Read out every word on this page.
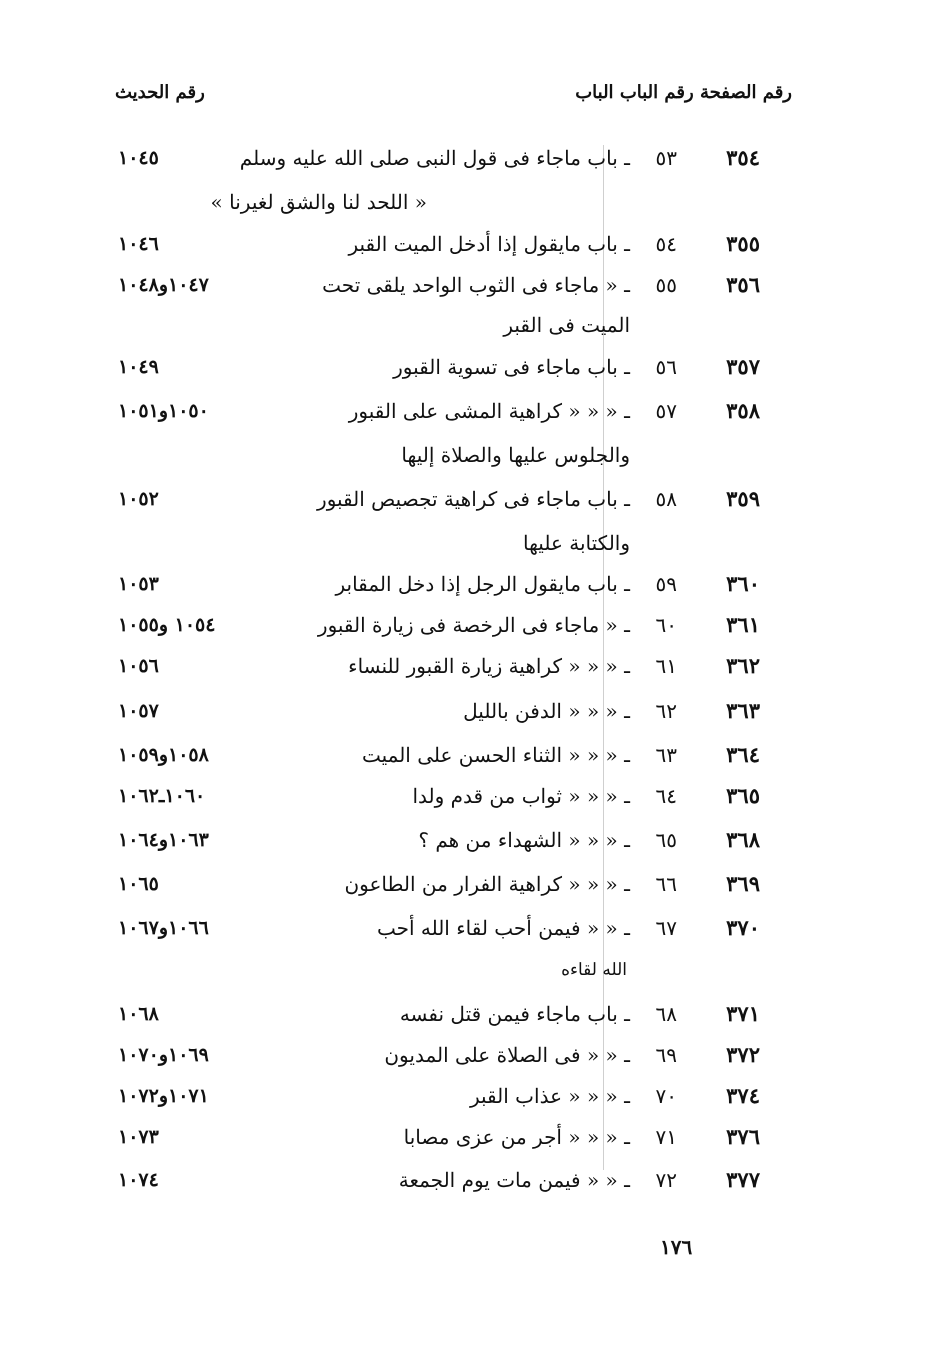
رقم الصفحة رقم الباب الباب
رقم الحديث
٣٥٤
٥٣
ـ باب ماجاء فى قول النبى صلى الله عليه وسلم
١٠٤٥
« اللحد لنا والشق لغيرنا »
٣٥٥
٥٤
ـ باب مايقول إذا أدخل الميت القبر
١٠٤٦
٣٥٦
٥٥
ـ « ماجاء فى الثوب الواحد يلقى تحت
١٠٤٧و١٠٤٨
الميت فى القبر
٣٥٧
٥٦
ـ باب ماجاء فى تسوية القبور
١٠٤٩
٣٥٨
٥٧
ـ « « « كراهية المشى على القبور
١٠٥٠و١٠٥١
والجلوس عليها والصلاة إليها
٣٥٩
٥٨
ـ باب ماجاء فى كراهية تجصيص القبور
١٠٥٢
والكتابة عليها
٣٦٠
٥٩
ـ باب مايقول الرجل إذا دخل المقابر
١٠٥٣
٣٦١
٦٠
ـ « ماجاء فى الرخصة فى زيارة القبور
١٠٥٤ و١٠٥٥
٣٦٢
٦١
ـ « « « كراهية زيارة القبور للنساء
١٠٥٦
٣٦٣
٦٢
ـ « « « الدفن بالليل
١٠٥٧
٣٦٤
٦٣
ـ « « « الثناء الحسن على الميت
١٠٥٨و١٠٥٩
٣٦٥
٦٤
ـ « « « ثواب من قدم ولدا
١٠٦٠ـ١٠٦٢
٣٦٨
٦٥
ـ « « « الشهداء من هم ؟
١٠٦٣و١٠٦٤
٣٦٩
٦٦
ـ « « « كراهية الفرار من الطاعون
١٠٦٥
٣٧٠
٦٧
ـ « « فيمن أحب لقاء الله أحب
١٠٦٦و١٠٦٧
الله لقاءه
٣٧١
٦٨
ـ باب ماجاء فيمن قتل نفسه
١٠٦٨
٣٧٢
٦٩
ـ « « فى الصلاة على المديون
١٠٦٩و١٠٧٠
٣٧٤
٧٠
ـ « « « عذاب القبر
١٠٧١و١٠٧٢
٣٧٦
٧١
ـ « « « أجر من عزى مصابا
١٠٧٣
٣٧٧
٧٢
ـ « « فيمن مات يوم الجمعة
١٠٧٤
١٧٦
